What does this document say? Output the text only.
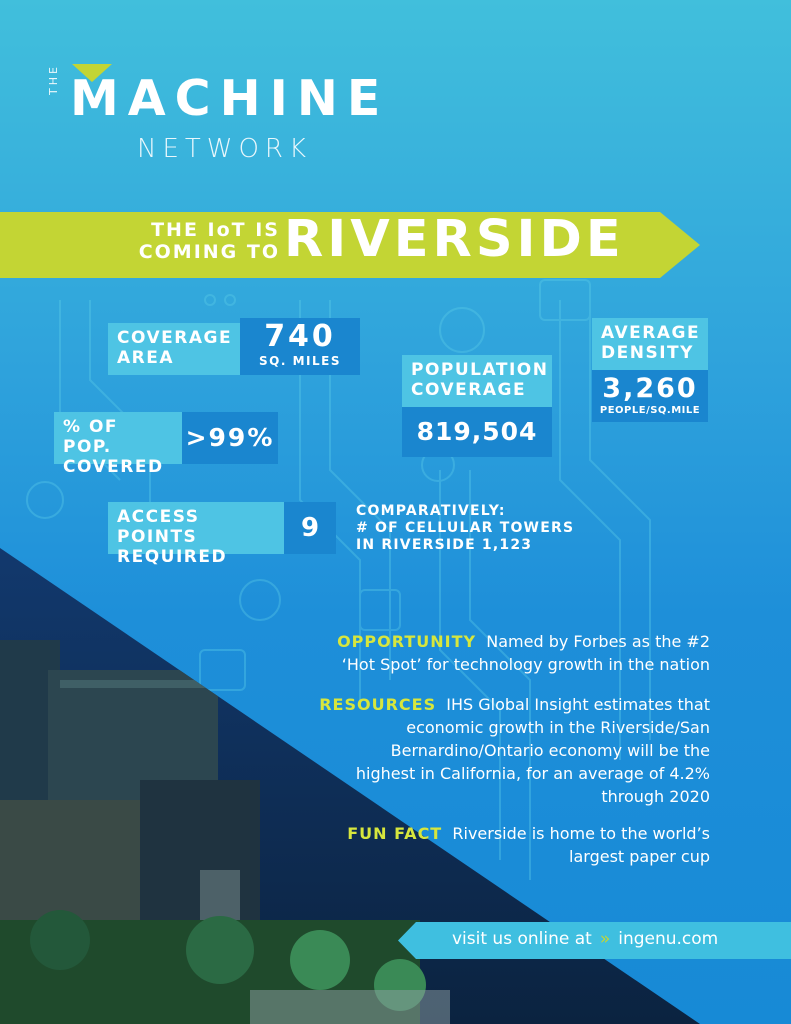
THE MACHINE
NETWORK
THE IoT IS
COMING TO RIVERSIDE
COVERAGE
AREA
740
SQ. MILES
% OF POP.
COVERED
>99%
POPULATION
COVERAGE
819,504
AVERAGE
DENSITY
3,260
PEOPLE/SQ.MILE
ACCESS POINTS
REQUIRED
9
COMPARATIVELY:
# OF CELLULAR TOWERS
IN RIVERSIDE 1,123
OPPORTUNITY Named by Forbes as the #2
‘Hot Spot’ for technology growth in the nation
RESOURCES IHS Global Insight estimates that
economic growth in the Riverside/San
Bernardino/Ontario economy will be the
highest in California, for an average of 4.2%
through 2020
FUN FACT Riverside is home to the world’s
largest paper cup
visit us online at » ingenu.com
